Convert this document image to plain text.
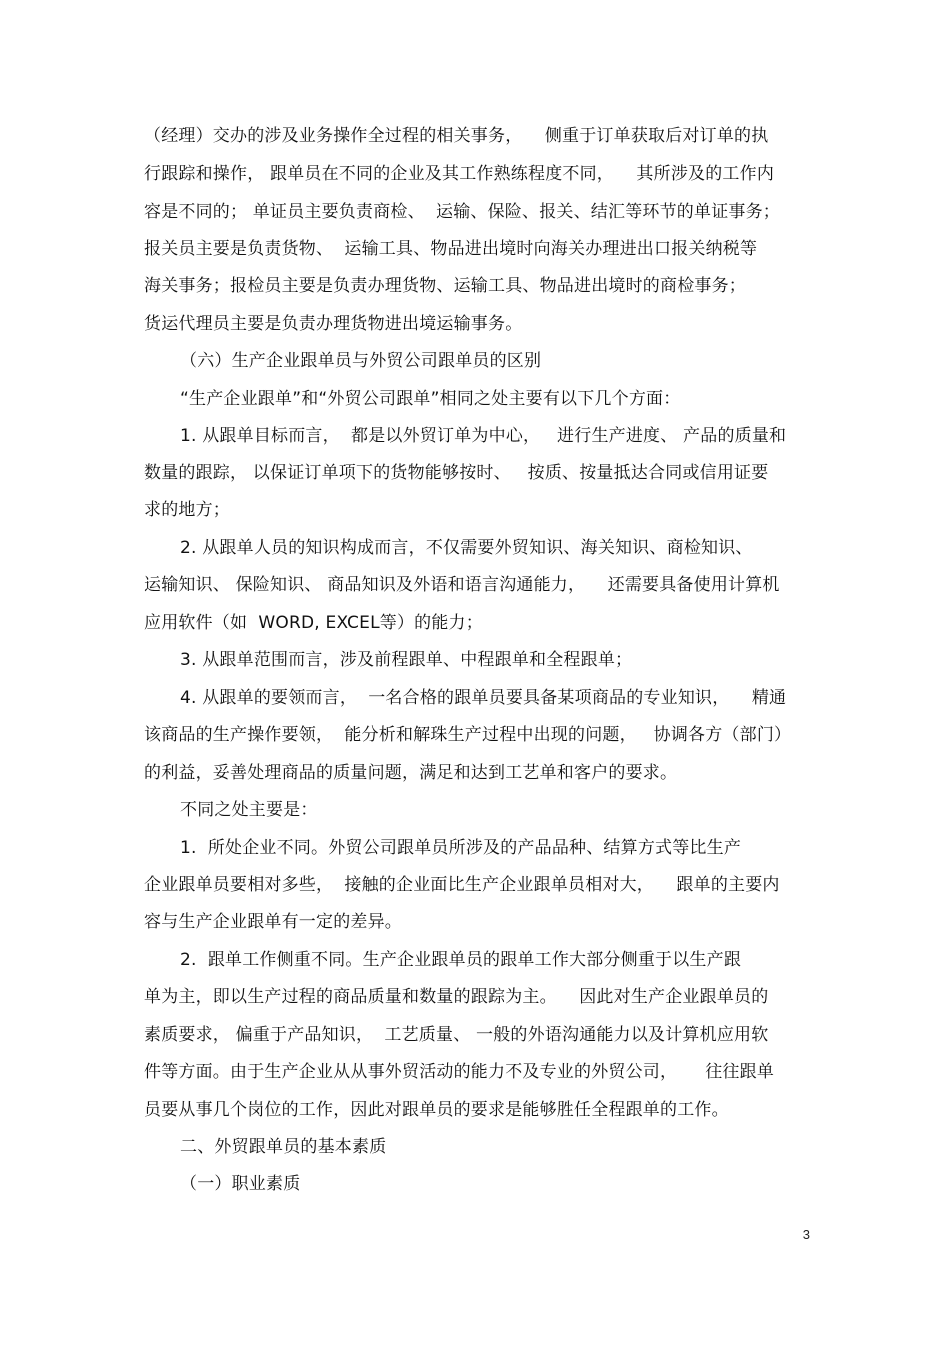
（经理）交办的涉及业务操作全过程的相关事务，    侧重于订单获取后对订单的执
行跟踪和操作， 跟单员在不同的企业及其工作熟练程度不同，    其所涉及的工作内
容是不同的； 单证员主要负责商检、  运输、保险、报关、结汇等环节的单证事务；
报关员主要是负责货物、  运输工具、物品进出境时向海关办理进出口报关纳税等
海关事务；报检员主要是负责办理货物、运输工具、物品进出境时的商检事务；
货运代理员主要是负责办理货物进出境运输事务。
（六）生产企业跟单员与外贸公司跟单员的区别
“生产企业跟单”和“外贸公司跟单”相同之处主要有以下几个方面：
1. 从跟单目标而言，  都是以外贸订单为中心，   进行生产进度、 产品的质量和
数量的跟踪， 以保证订单项下的货物能够按时、   按质、按量抵达合同或信用证要
求的地方；
2. 从跟单人员的知识构成而言，不仅需要外贸知识、海关知识、商检知识、
运输知识、 保险知识、 商品知识及外语和语言沟通能力，    还需要具备使用计算机
应用软件（如  WORD, EXCEL等）的能力；
3. 从跟单范围而言，涉及前程跟单、中程跟单和全程跟单；
4. 从跟单的要领而言，  一名合格的跟单员要具备某项商品的专业知识，    精通
该商品的生产操作要领，  能分析和解珠生产过程中出现的问题，   协调各方（部门）
的利益，妥善处理商品的质量问题，满足和达到工艺单和客户的要求。
不同之处主要是：
1.  所处企业不同。外贸公司跟单员所涉及的产品品种、结算方式等比生产
企业跟单员要相对多些，  接触的企业面比生产企业跟单员相对大，    跟单的主要内
容与生产企业跟单有一定的差异。
2.  跟单工作侧重不同。生产企业跟单员的跟单工作大部分侧重于以生产跟
单为主，即以生产过程的商品质量和数量的跟踪为主。    因此对生产企业跟单员的
素质要求， 偏重于产品知识，  工艺质量、 一般的外语沟通能力以及计算机应用软
件等方面。由于生产企业从从事外贸活动的能力不及专业的外贸公司，     往往跟单
员要从事几个岗位的工作，因此对跟单员的要求是能够胜任全程跟单的工作。
二、外贸跟单员的基本素质
（一）职业素质
3
